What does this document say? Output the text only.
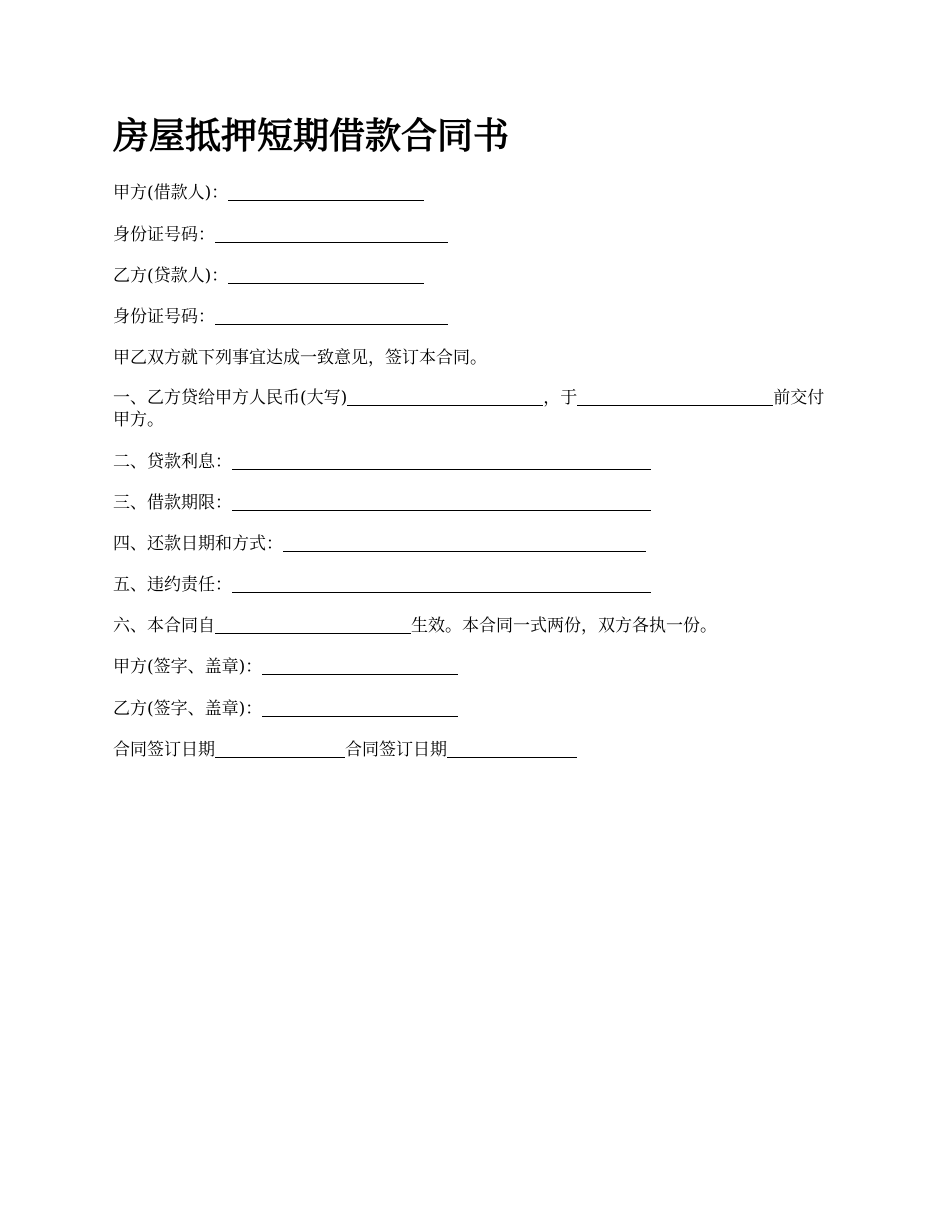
房屋抵押短期借款合同书
甲方(借款人)：
身份证号码：
乙方(贷款人)：
身份证号码：
甲乙双方就下列事宜达成一致意见，签订本合同。
一、乙方贷给甲方人民币(大写)	，于	前交付甲方。
二、贷款利息：
三、借款期限：
四、还款日期和方式：
五、违约责任：
六、本合同自	生效。本合同一式两份，双方各执一份。
甲方(签字、盖章)：
乙方(签字、盖章)：
合同签订日期	合同签订日期
